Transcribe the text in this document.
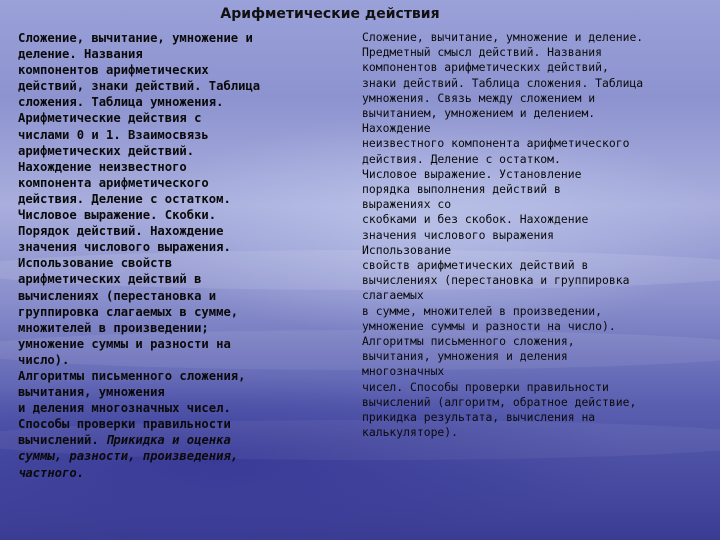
Арифметические действия
Сложение, вычитание, умножение и
деление. Названия
компонентов арифметических
действий, знаки действий. Таблица
сложения. Таблица умножения.
Арифметические действия с
числами 0 и 1. Взаимосвязь
арифметических действий.
Нахождение неизвестного
компонента арифметического
действия. Деление с остатком.
Числовое выражение. Скобки.
Порядок действий. Нахождение
значения числового выражения.
Использование свойств
арифметических действий в
вычислениях (перестановка и
группировка слагаемых в сумме,
множителей в произведении;
умножение суммы и разности на
число).
Алгоритмы письменного сложения,
вычитания, умножения
и деления многозначных чисел.
Способы проверки правильности
вычислений. Прикидка и оценка
суммы, разности, произведения,
частного.
Сложение, вычитание, умножение и деление.
Предметный смысл действий. Названия
компонентов арифметических действий,
знаки действий. Таблица сложения. Таблица
умножения. Связь между сложением и
вычитанием, умножением и делением.
Нахождение
неизвестного компонента арифметического
действия. Деление с остатком.
Числовое выражение. Установление
порядка выполнения действий в
выражениях со
скобками и без скобок. Нахождение
значения числового выражения
Использование
свойств арифметических действий в
вычислениях (перестановка и группировка
слагаемых
в сумме, множителей в произведении,
умножение суммы и разности на число).
Алгоритмы письменного сложения,
вычитания, умножения и деления
многозначных
чисел. Способы проверки правильности
вычислений (алгоритм, обратное действие,
прикидка результата, вычисления на
калькуляторе).
